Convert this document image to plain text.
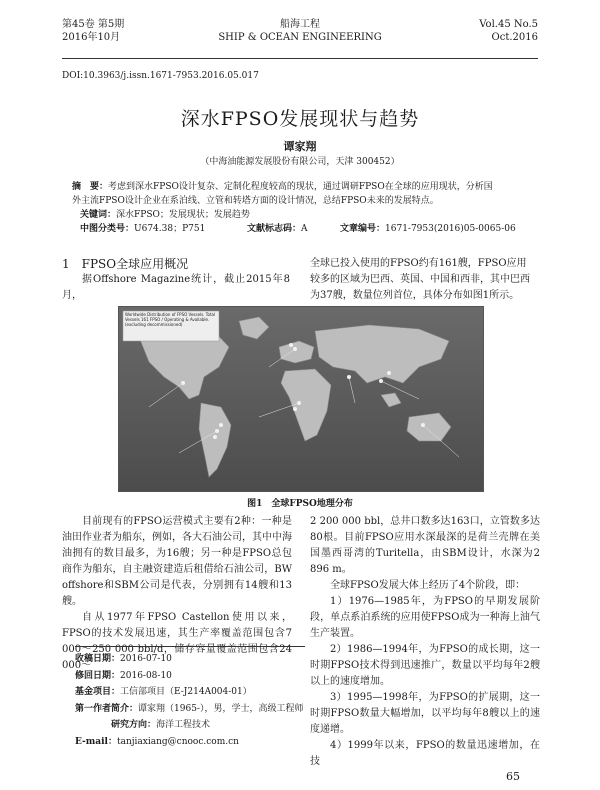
第45卷 第5期
2016年10月
船海工程
SHIP & OCEAN ENGINEERING
Vol.45 No.5
Oct.2016
DOI:10.3963/j.issn.1671-7953.2016.05.017
深水FPSO发展现状与趋势
谭家翔
（中海油能源发展股份有限公司，天津 300452）
摘　要：考虑到深水FPSO设计复杂、定制化程度较高的现状，通过调研FPSO在全球的应用现状，分析国
外主流FPSO设计企业在系泊线、立管和转塔方面的设计情况，总结FPSO未来的发展特点。
关键词：深水FPSO；发展现状；发展趋势
中图分类号：U674.38；P751	文献标志码：A	文章编号：1671-7953(2016)05-0065-06

1　FPSO全球应用概况

据Offshore Magazine统计，截止2015年8月，

全球已投入使用的FPSO约有161艘，FPSO应用

较多的区域为巴西、英国、中国和西非，其中巴西

为37艘，数量位列首位，具体分布如图1所示。

Worldwide Distribution of FPSO Vessels. Total Vessels 161 FPSO / Operating & Available. (excluding decommissioned)
图1　全球FPSO地理分布

目前现有的FPSO运营模式主要有2种：一种是油田作业者为船东，例如，各大石油公司，其中中海油拥有的数目最多，为16艘；另一种是FPSO总包商作为船东，自主融资建造后租借给石油公司，BW offshore和SBM公司是代表，分别拥有14艘和13艘。

自从1977年FPSO Castellon使用以来，FPSO的技术发展迅速，其生产率覆盖范围包含7 000～250 000 bbl/d，储存容量覆盖范围包含24 000～

2 200 000 bbl，总井口数多达163口，立管数多达80根。目前FPSO应用水深最深的是荷兰壳牌在美国墨西哥湾的Turitella，由SBM设计，水深为2 896 m。

全球FPSO发展大体上经历了4个阶段，即：

1）1976—1985年，为FPSO的早期发展阶段，单点系泊系统的应用使FPSO成为一种海上油气生产装置。

2）1986—1994年，为FPSO的成长期，这一时期FPSO技术得到迅速推广，数量以平均每年2艘以上的速度增加。

3）1995—1998年，为FPSO的扩展期，这一时期FPSO数量大幅增加，以平均每年8艘以上的速度递增。

4）1999年以来，FPSO的数量迅速增加，在技

收稿日期：2016-07-10
修回日期：2016-08-10
基金项目：工信部项目（E-J214A004-01）
第一作者简介：谭家翔（1965-），男，学士，高级工程师
研究方向：海洋工程技术
E-mail：tanjiaxiang@cnooc.com.cn
65
